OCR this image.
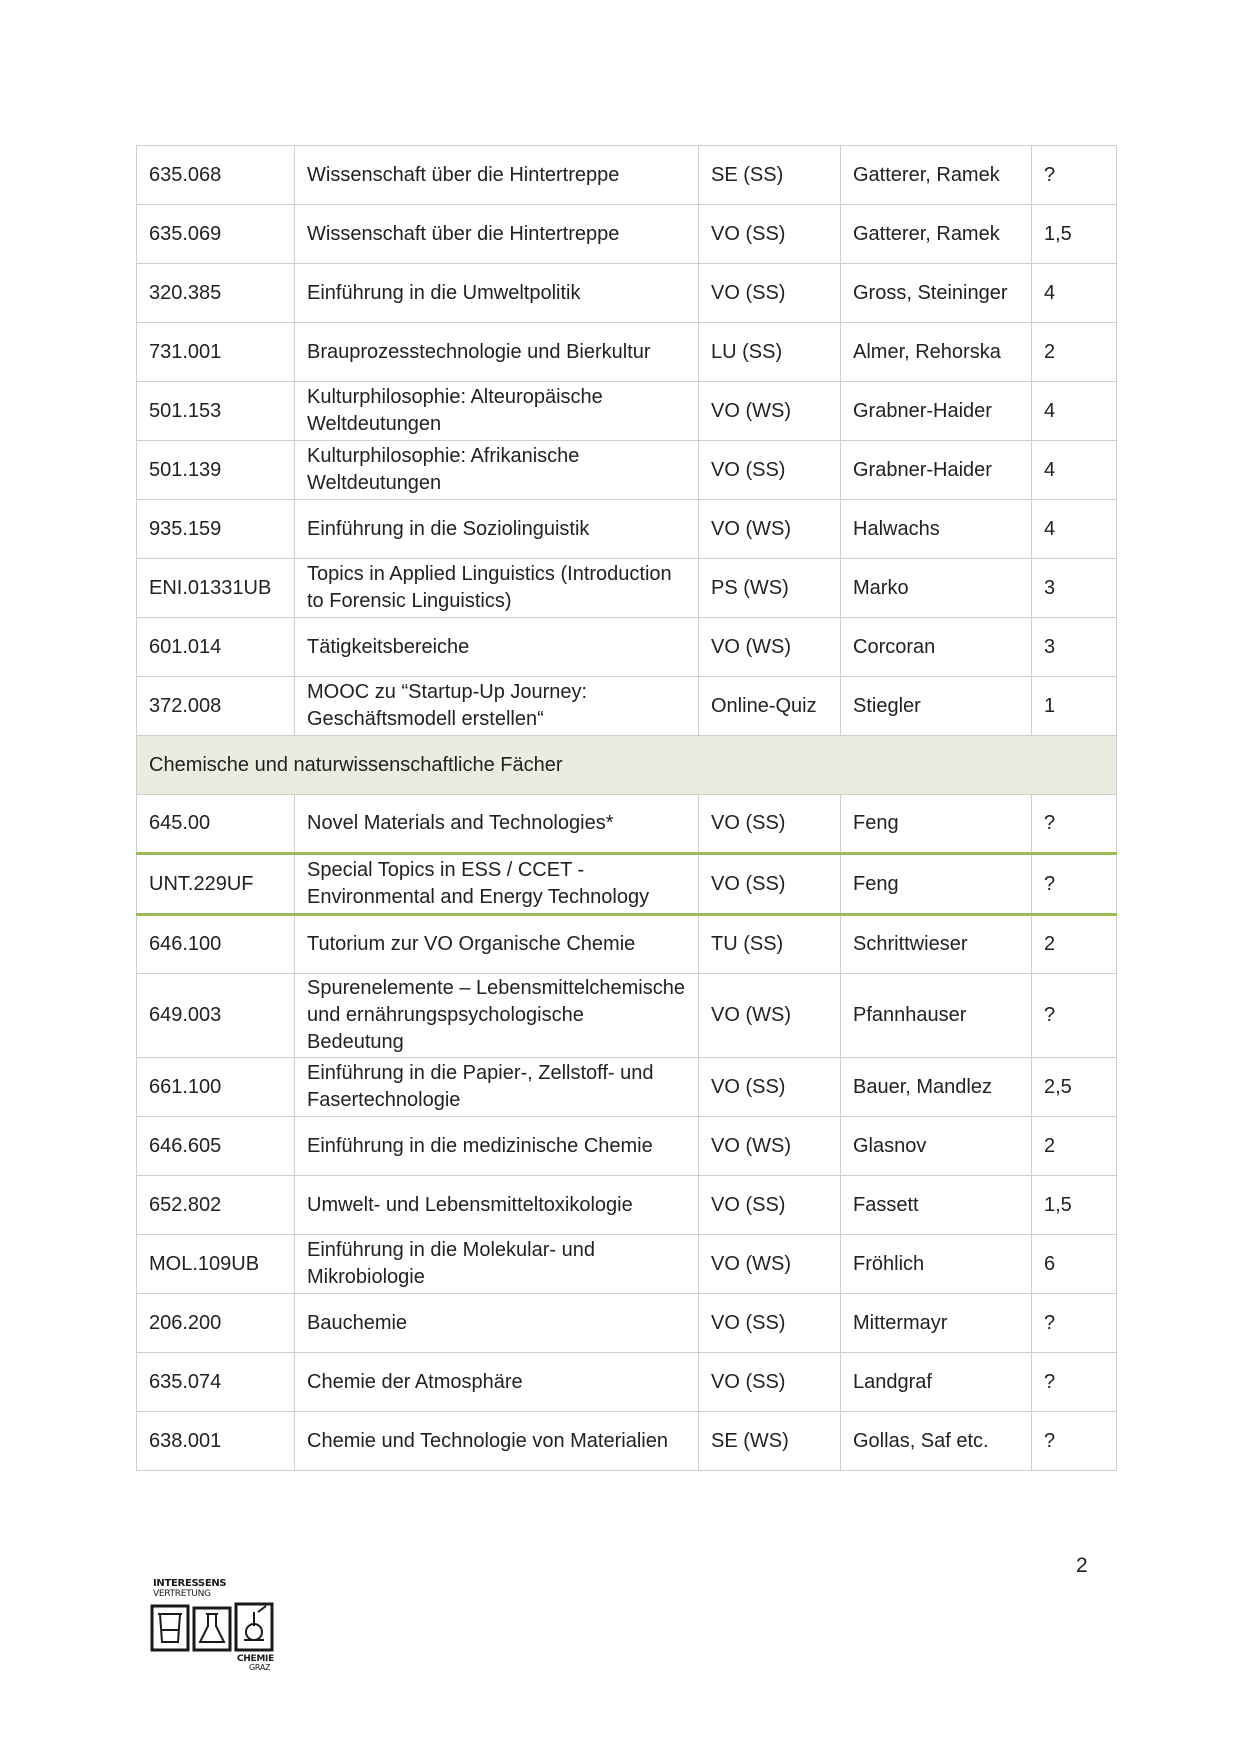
635.068	Wissenschaft über die Hintertreppe	SE (SS)	Gatterer, Ramek	?
635.069	Wissenschaft über die Hintertreppe	VO (SS)	Gatterer, Ramek	1,5
320.385	Einführung in die Umweltpolitik	VO (SS)	Gross, Steininger	4
731.001	Brauprozesstechnologie und Bierkultur	LU (SS)	Almer, Rehorska	2
501.153	Kulturphilosophie: Alteuropäische Weltdeutungen	VO (WS)	Grabner-Haider	4
501.139	Kulturphilosophie: Afrikanische Weltdeutungen	VO (SS)	Grabner-Haider	4
935.159	Einführung in die Soziolinguistik	VO (WS)	Halwachs	4
ENI.01331UB	Topics in Applied Linguistics (Introduction to Forensic Linguistics)	PS (WS)	Marko	3
601.014	Tätigkeitsbereiche	VO (WS)	Corcoran	3
372.008	MOOC zu “Startup-Up Journey: Geschäftsmodell erstellen“	Online-Quiz	Stiegler	1
Chemische und naturwissenschaftliche Fächer				
645.00	Novel Materials and Technologies*	VO (SS)	Feng	?
UNT.229UF	Special Topics in ESS / CCET - Environmental and Energy Technology	VO (SS)	Feng	?
646.100	Tutorium zur VO Organische Chemie	TU (SS)	Schrittwieser	2
649.003	Spurenelemente – Lebensmittelchemische und ernährungspsychologische Bedeutung	VO (WS)	Pfannhauser	?
661.100	Einführung in die Papier-, Zellstoff- und Fasertechnologie	VO (SS)	Bauer, Mandlez	2,5
646.605	Einführung in die medizinische Chemie	VO (WS)	Glasnov	2
652.802	Umwelt- und Lebensmitteltoxikologie	VO (SS)	Fassett	1,5
MOL.109UB	Einführung in die Molekular- und Mikrobiologie	VO (WS)	Fröhlich	6
206.200	Bauchemie	VO (SS)	Mittermayr	?
635.074	Chemie der Atmosphäre	VO (SS)	Landgraf	?
638.001	Chemie und Technologie von Materialien	SE (WS)	Gollas, Saf etc.	?
2
INTERESSENS
VERTRETUNG
CHEMIE
GRAZ
